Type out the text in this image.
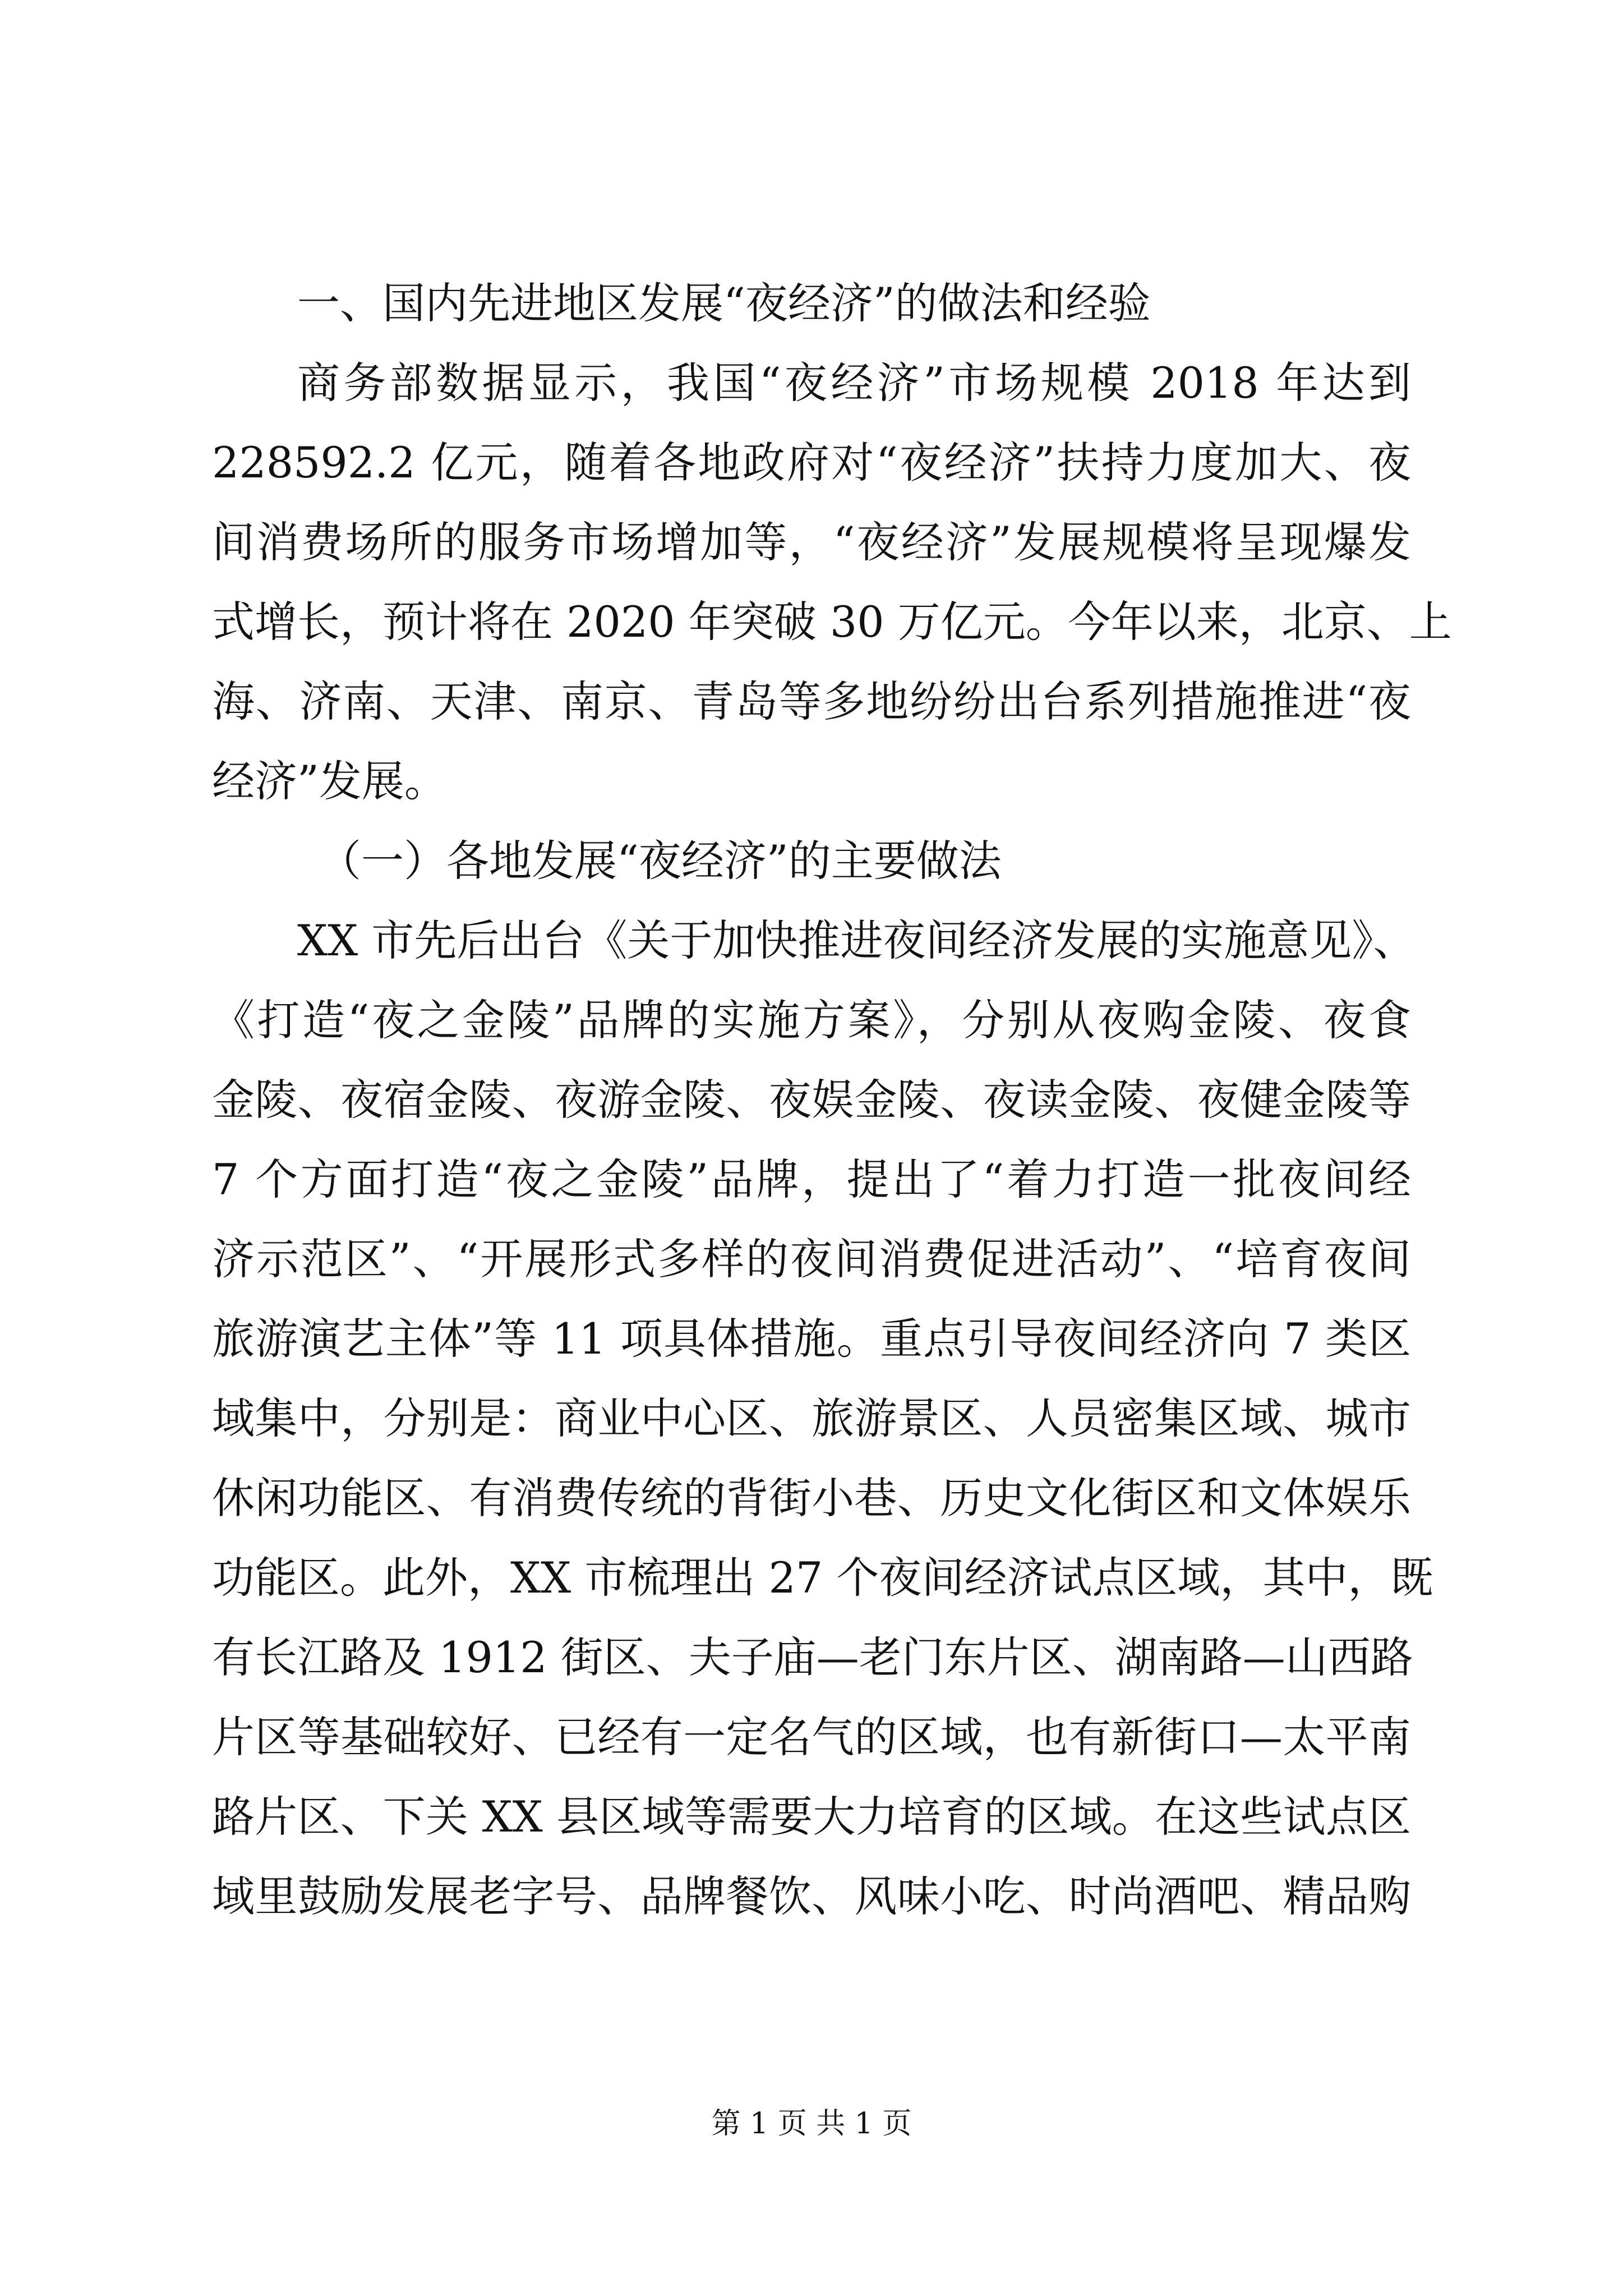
一、国内先进地区发展“夜经济”的做法和经验
商务部数据显示，我国“夜经济”市场规模 2018 年达到
228592.2 亿元，随着各地政府对“夜经济”扶持力度加大、夜
间消费场所的服务市场增加等，“夜经济”发展规模将呈现爆发
式增长，预计将在 2020 年突破 30 万亿元。今年以来，北京、上
海、济南、天津、南京、青岛等多地纷纷出台系列措施推进“夜
经济”发展。
（一）各地发展“夜经济”的主要做法
XX 市先后出台《关于加快推进夜间经济发展的实施意见》、
《打造“夜之金陵”品牌的实施方案》，分别从夜购金陵、夜食
金陵、夜宿金陵、夜游金陵、夜娱金陵、夜读金陵、夜健金陵等
7 个方面打造“夜之金陵”品牌，提出了“着力打造一批夜间经
济示范区”、“开展形式多样的夜间消费促进活动”、“培育夜间
旅游演艺主体”等 11 项具体措施。重点引导夜间经济向 7 类区
域集中，分别是：商业中心区、旅游景区、人员密集区域、城市
休闲功能区、有消费传统的背街小巷、历史文化街区和文体娱乐
功能区。此外，XX 市梳理出 27 个夜间经济试点区域，其中，既
有长江路及 1912 街区、夫子庙—老门东片区、湖南路—山西路
片区等基础较好、已经有一定名气的区域，也有新街口—太平南
路片区、下关 XX 县区域等需要大力培育的区域。在这些试点区
域里鼓励发展老字号、品牌餐饮、风味小吃、时尚酒吧、精品购
第 1 页 共 1 页
